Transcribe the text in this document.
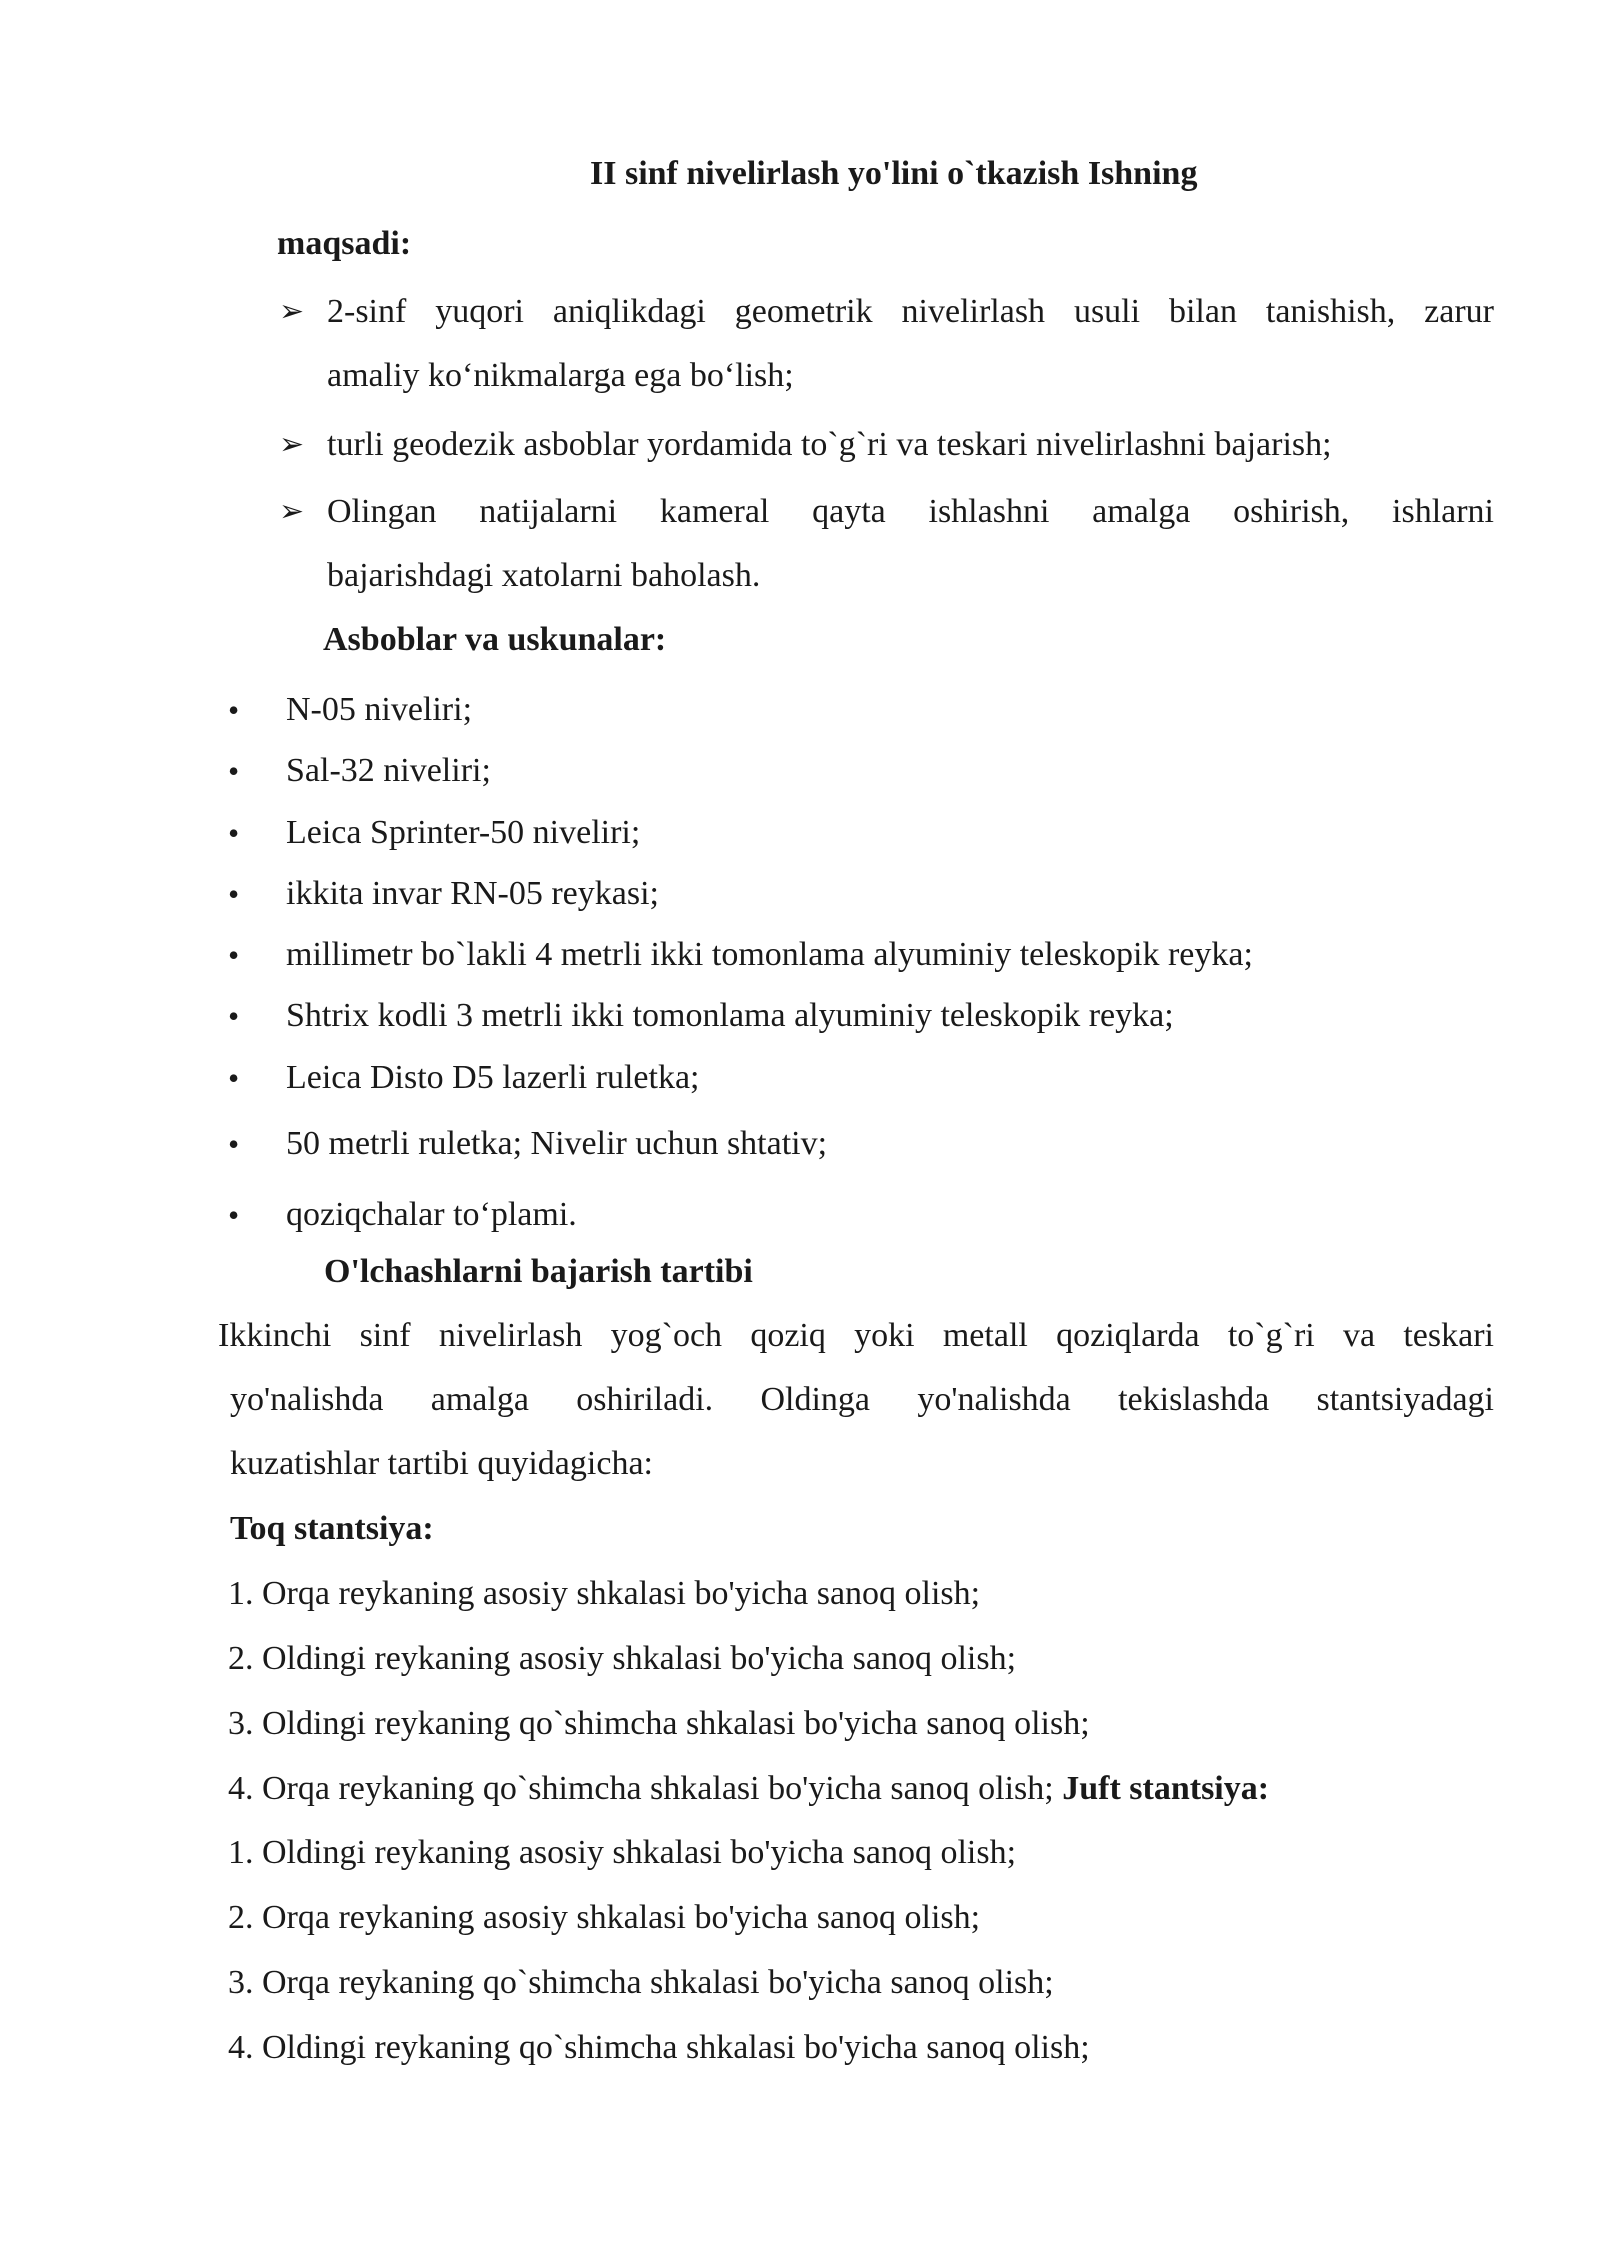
II sinf nivelirlash yo'lini o`tkazish Ishning
maqsadi:
➢ 2-sinf yuqori aniqlikdagi geometrik nivelirlash usuli bilan tanishish, zarur
amaliy ko‘nikmalarga ega bo‘lish;
➢ turli geodezik asboblar yordamida to`g`ri va teskari nivelirlashni bajarish;
➢ Olingan natijalarni kameral qayta ishlashni amalga oshirish, ishlarni
bajarishdagi xatolarni baholash.
Asboblar va uskunalar:
• N-05 niveliri;
• Sal-32 niveliri;
• Leica Sprinter-50 niveliri;
• ikkita invar RN-05 reykasi;
• millimetr bo`lakli 4 metrli ikki tomonlama alyuminiy teleskopik reyka;
• Shtrix kodli 3 metrli ikki tomonlama alyuminiy teleskopik reyka;
• Leica Disto D5 lazerli ruletka;
• 50 metrli ruletka; Nivelir uchun shtativ;
• qoziqchalar to‘plami.
O'lchashlarni bajarish tartibi
Ikkinchi sinf nivelirlash yog`och qoziq yoki metall qoziqlarda to`g`ri va teskari
yo'nalishda amalga oshiriladi. Oldinga yo'nalishda tekislashda stantsiyadagi
kuzatishlar tartibi quyidagicha:
Toq stantsiya:
1. Orqa reykaning asosiy shkalasi bo'yicha sanoq olish;
2. Oldingi reykaning asosiy shkalasi bo'yicha sanoq olish;
3. Oldingi reykaning qo`shimcha shkalasi bo'yicha sanoq olish;
4. Orqa reykaning qo`shimcha shkalasi bo'yicha sanoq olish; Juft stantsiya:
1. Oldingi reykaning asosiy shkalasi bo'yicha sanoq olish;
2. Orqa reykaning asosiy shkalasi bo'yicha sanoq olish;
3. Orqa reykaning qo`shimcha shkalasi bo'yicha sanoq olish;
4. Oldingi reykaning qo`shimcha shkalasi bo'yicha sanoq olish;
